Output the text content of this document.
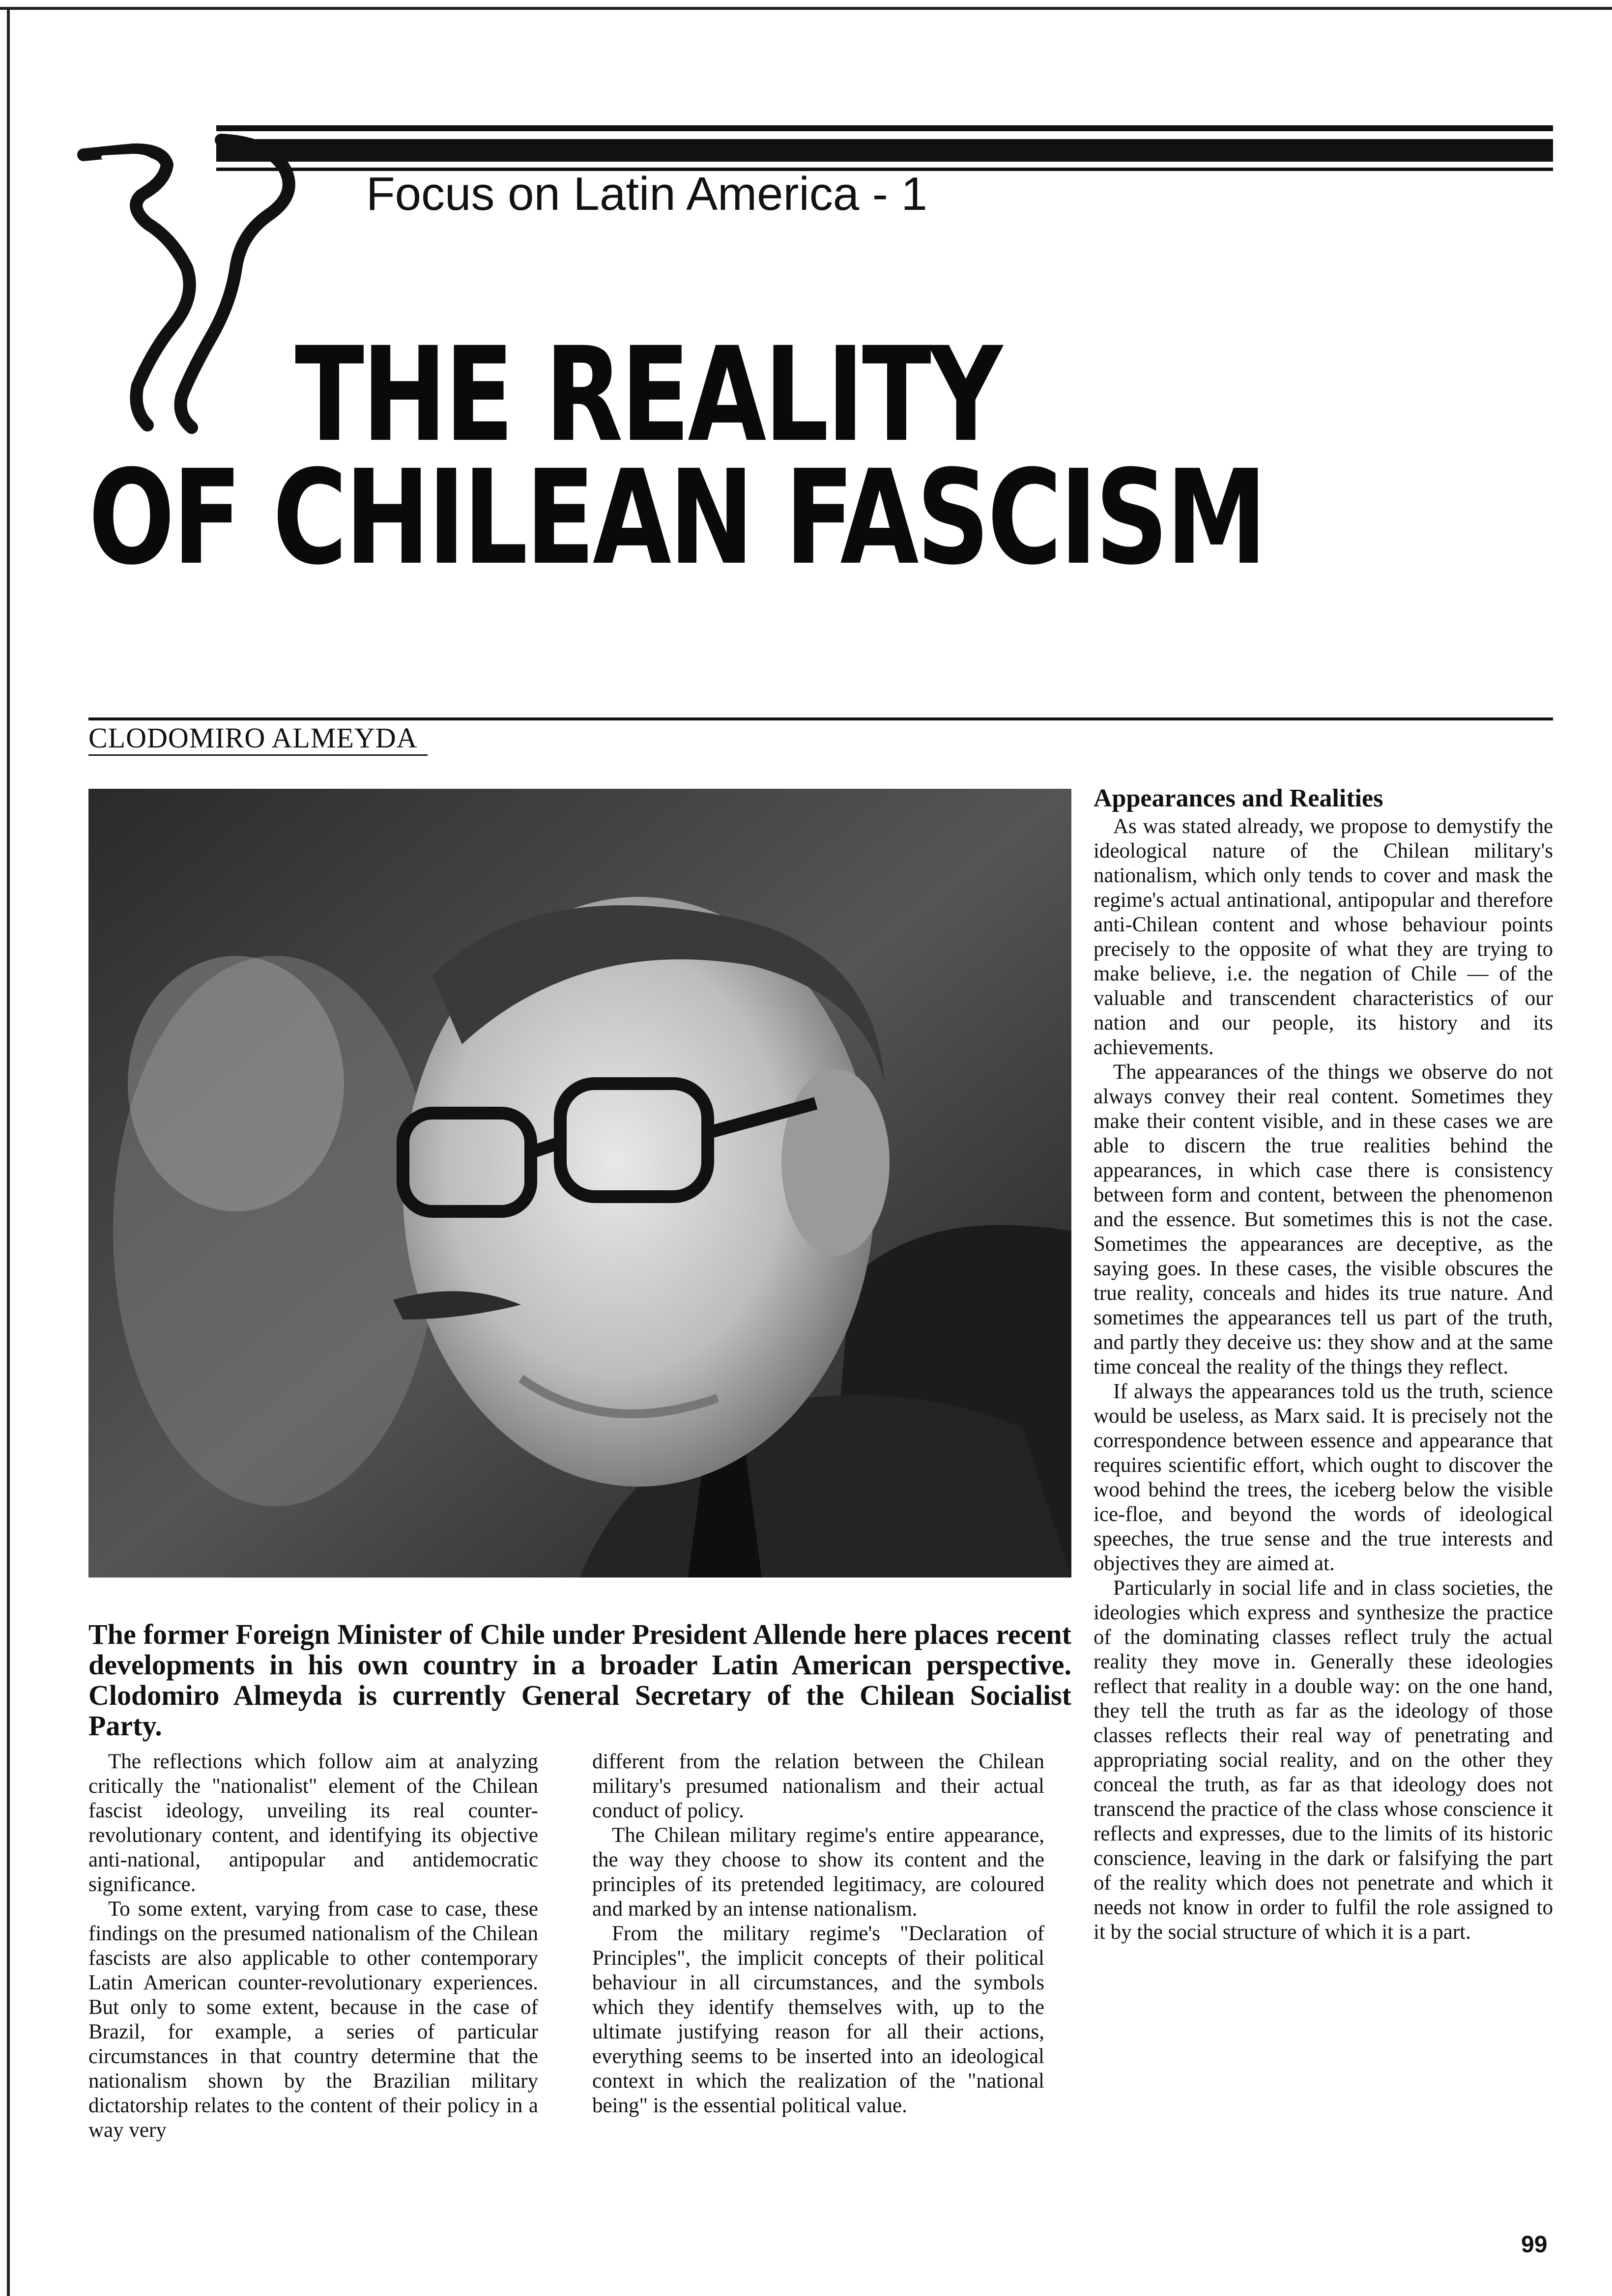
Focus on Latin America - 1
THE REALITY
OF CHILEAN FASCISM
CLODOMIRO ALMEYDA
The former Foreign Minister of Chile under President Allende here places recent developments in his own country in a broader Latin American perspective. Clodomiro Almeyda is currently General Secretary of the Chilean Socialist Party.

The reflections which follow aim at analyzing critically the "nationalist" element of the Chilean fascist ideology, unveiling its real counter-revolutionary content, and identifying its objective anti-national, antipopular and antidemocratic significance.

To some extent, varying from case to case, these findings on the presumed nationalism of the Chilean fascists are also applicable to other contemporary Latin American counter-revolutionary experiences. But only to some extent, because in the case of Brazil, for example, a series of particular circumstances in that country determine that the nationalism shown by the Brazilian military dictatorship relates to the content of their policy in a way very

different from the relation between the Chilean military's presumed nationalism and their actual conduct of policy.

The Chilean military regime's entire appearance, the way they choose to show its content and the principles of its pretended legitimacy, are coloured and marked by an intense nationalism.

From the military regime's "Declaration of Principles", the implicit concepts of their political behaviour in all circumstances, and the symbols which they identify themselves with, up to the ultimate justifying reason for all their actions, everything seems to be inserted into an ideological context in which the realization of the "national being" is the essential political value.

Appearances and Realities

As was stated already, we propose to demystify the ideological nature of the Chilean military's nationalism, which only tends to cover and mask the regime's actual antinational, antipopular and therefore anti-Chilean content and whose behaviour points precisely to the opposite of what they are trying to make believe, i.e. the negation of Chile — of the valuable and transcendent characteristics of our nation and our people, its history and its achievements.

The appearances of the things we observe do not always convey their real content. Sometimes they make their content visible, and in these cases we are able to discern the true realities behind the appearances, in which case there is consistency between form and content, between the phenomenon and the essence. But sometimes this is not the case. Sometimes the appearances are deceptive, as the saying goes. In these cases, the visible obscures the true reality, conceals and hides its true nature. And sometimes the appearances tell us part of the truth, and partly they deceive us: they show and at the same time conceal the reality of the things they reflect.

If always the appearances told us the truth, science would be useless, as Marx said. It is precisely not the correspondence between essence and appearance that requires scientific effort, which ought to discover the wood behind the trees, the iceberg below the visible ice-floe, and beyond the words of ideological speeches, the true sense and the true interests and objectives they are aimed at.

Particularly in social life and in class societies, the ideologies which express and synthesize the practice of the dominating classes reflect truly the actual reality they move in. Generally these ideologies reflect that reality in a double way: on the one hand, they tell the truth as far as the ideology of those classes reflects their real way of penetrating and appropriating social reality, and on the other they conceal the truth, as far as that ideology does not transcend the practice of the class whose conscience it reflects and expresses, due to the limits of its historic conscience, leaving in the dark or falsifying the part of the reality which does not penetrate and which it needs not know in order to fulfil the role assigned to it by the social structure of which it is a part.

99
